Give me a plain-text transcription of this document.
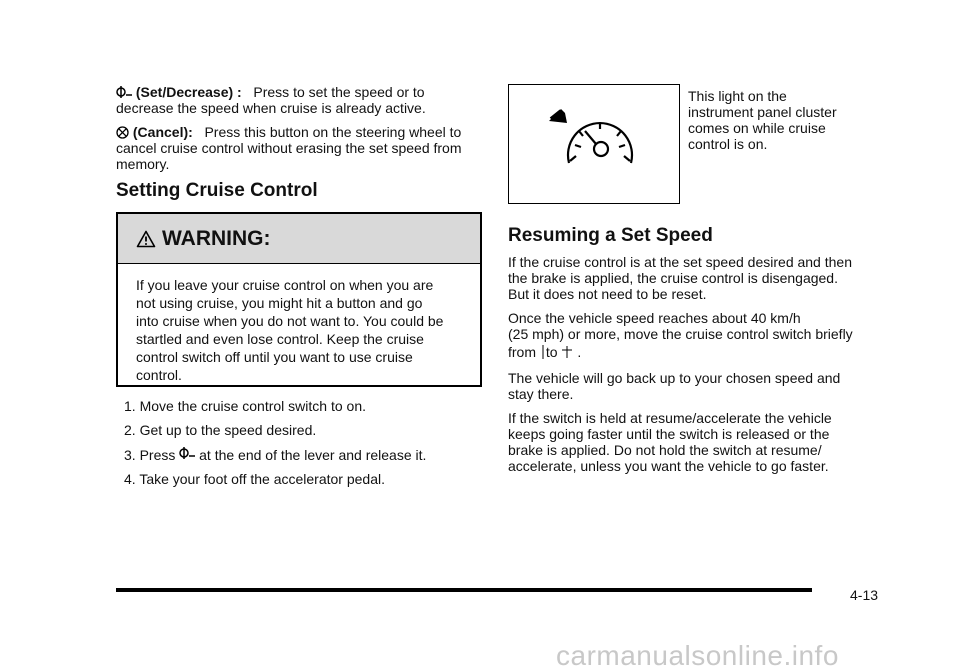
(Set/Decrease) : Press to set the speed or to

decrease the speed when cruise is already active.

(Cancel): Press this button on the steering wheel to

cancel cruise control without erasing the set speed from

memory.

Setting Cruise Control
WARNING:
If you leave your cruise control on when you are
not using cruise, you might hit a button and go
into cruise when you do not want to. You could be
startled and even lose control. Keep the cruise
control switch off until you want to use cruise
control.
1. Move the cruise control switch to on.
2. Get up to the speed desired.
3. Press at the end of the lever and release it.
4. Take your foot off the accelerator pedal.

This light on the

instrument panel cluster

comes on while cruise

control is on.

Resuming a Set Speed

If the cruise control is at the set speed desired and then

the brake is applied, the cruise control is disengaged.

But it does not need to be reset.

Once the vehicle speed reaches about 40 km/h

(25 mph) or more, move the cruise control switch briefly

from to .

The vehicle will go back up to your chosen speed and

stay there.

If the switch is held at resume/accelerate the vehicle

keeps going faster until the switch is released or the

brake is applied. Do not hold the switch at resume/

accelerate, unless you want the vehicle to go faster.

4-13
carmanualsonline.info
